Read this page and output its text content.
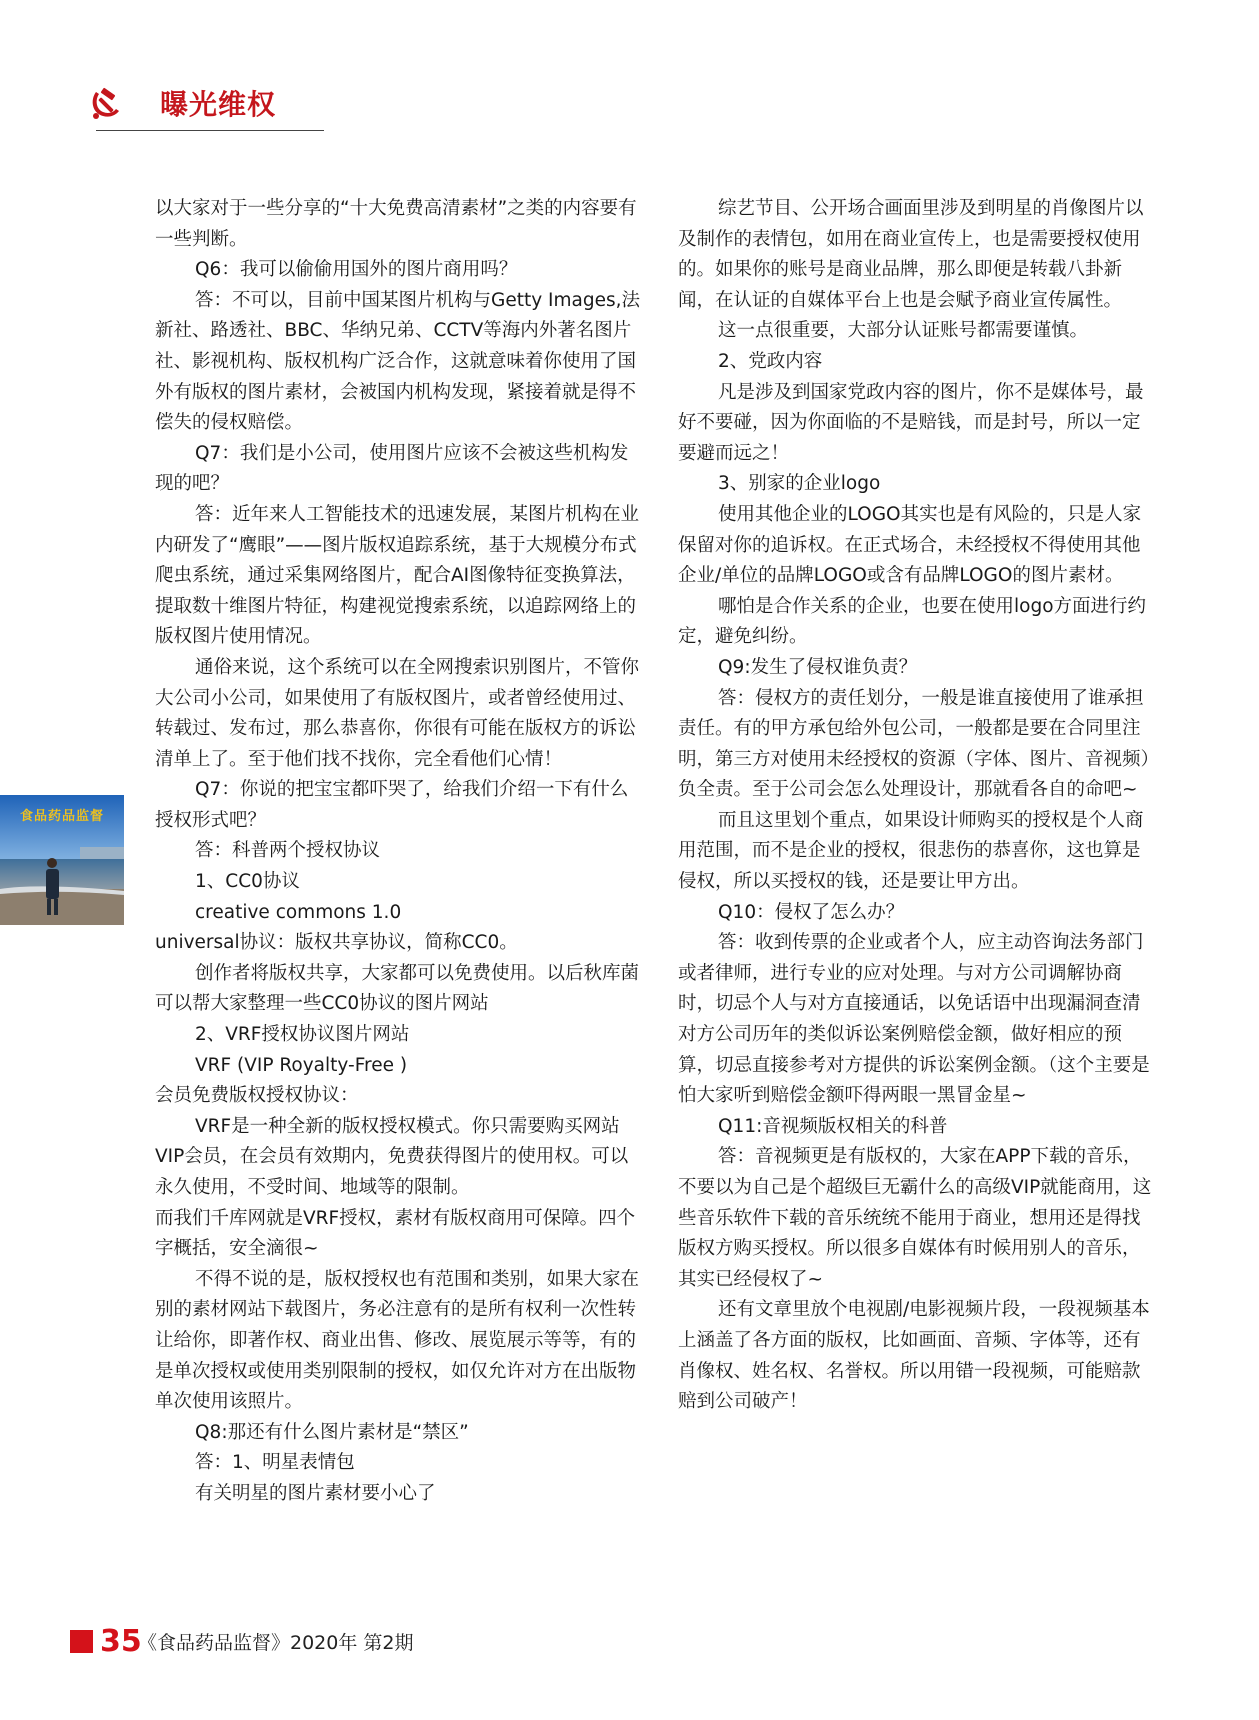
曝光维权

以大家对于一些分享的“十大免费高清素材”之类的内容要有一些判断。

Q6：我可以偷偷用国外的图片商用吗？

答：不可以，目前中国某图片机构与Getty Images,法新社、路透社、BBC、华纳兄弟、CCTV等海内外著名图片社、影视机构、版权机构广泛合作，这就意味着你使用了国外有版权的图片素材，会被国内机构发现，紧接着就是得不偿失的侵权赔偿。

Q7：我们是小公司，使用图片应该不会被这些机构发现的吧？

答：近年来人工智能技术的迅速发展，某图片机构在业内研发了“鹰眼”——图片版权追踪系统，基于大规模分布式爬虫系统，通过采集网络图片，配合AI图像特征变换算法，提取数十维图片特征，构建视觉搜索系统，以追踪网络上的版权图片使用情况。

通俗来说，这个系统可以在全网搜索识别图片，不管你大公司小公司，如果使用了有版权图片，或者曾经使用过、转载过、发布过，那么恭喜你，你很有可能在版权方的诉讼清单上了。至于他们找不找你，完全看他们心情！

Q7：你说的把宝宝都吓哭了，给我们介绍一下有什么授权形式吧？

答：科普两个授权协议

1、CC0协议

creative commons 1.0

universal协议：版权共享协议，简称CC0。

创作者将版权共享，大家都可以免费使用。以后秋库菌可以帮大家整理一些CC0协议的图片网站

2、VRF授权协议图片网站

VRF (VIP Royalty-Free )

会员免费版权授权协议：

VRF是一种全新的版权授权模式。你只需要购买网站VIP会员，在会员有效期内，免费获得图片的使用权。可以永久使用，不受时间、地域等的限制。

而我们千库网就是VRF授权，素材有版权商用可保障。四个字概括，安全滴很~

不得不说的是，版权授权也有范围和类别，如果大家在别的素材网站下载图片，务必注意有的是所有权利一次性转让给你，即著作权、商业出售、修改、展览展示等等，有的是单次授权或使用类别限制的授权，如仅允许对方在出版物单次使用该照片。

Q8:那还有什么图片素材是“禁区”

答：1、明星表情包

有关明星的图片素材要小心了

综艺节目、公开场合画面里涉及到明星的肖像图片以及制作的表情包，如用在商业宣传上，也是需要授权使用的。如果你的账号是商业品牌，那么即便是转载八卦新闻，在认证的自媒体平台上也是会赋予商业宣传属性。

这一点很重要，大部分认证账号都需要谨慎。

2、党政内容

凡是涉及到国家党政内容的图片，你不是媒体号，最好不要碰，因为你面临的不是赔钱，而是封号，所以一定要避而远之！

3、别家的企业logo

使用其他企业的LOGO其实也是有风险的，只是人家保留对你的追诉权。在正式场合，未经授权不得使用其他企业/单位的品牌LOGO或含有品牌LOGO的图片素材。

哪怕是合作关系的企业，也要在使用logo方面进行约定，避免纠纷。

Q9:发生了侵权谁负责？

答：侵权方的责任划分，一般是谁直接使用了谁承担责任。有的甲方承包给外包公司，一般都是要在合同里注明，第三方对使用未经授权的资源（字体、图片、音视频）负全责。至于公司会怎么处理设计，那就看各自的命吧~

而且这里划个重点，如果设计师购买的授权是个人商用范围，而不是企业的授权，很悲伤的恭喜你，这也算是侵权，所以买授权的钱，还是要让甲方出。

Q10：侵权了怎么办？

答：收到传票的企业或者个人，应主动咨询法务部门或者律师，进行专业的应对处理。与对方公司调解协商时，切忌个人与对方直接通话，以免话语中出现漏洞查清对方公司历年的类似诉讼案例赔偿金额，做好相应的预算，切忌直接参考对方提供的诉讼案例金额。（这个主要是怕大家听到赔偿金额吓得两眼一黑冒金星~

Q11:音视频版权相关的科普

答：音视频更是有版权的，大家在APP下载的音乐，不要以为自己是个超级巨无霸什么的高级VIP就能商用，这些音乐软件下载的音乐统统不能用于商业，想用还是得找版权方购买授权。所以很多自媒体有时候用别人的音乐，其实已经侵权了~

还有文章里放个电视剧/电影视频片段，一段视频基本上涵盖了各方面的版权，比如画面、音频、字体等，还有肖像权、姓名权、名誉权。所以用错一段视频，可能赔款赔到公司破产！

食品药品监督
35
《食品药品监督》2020年 第2期
